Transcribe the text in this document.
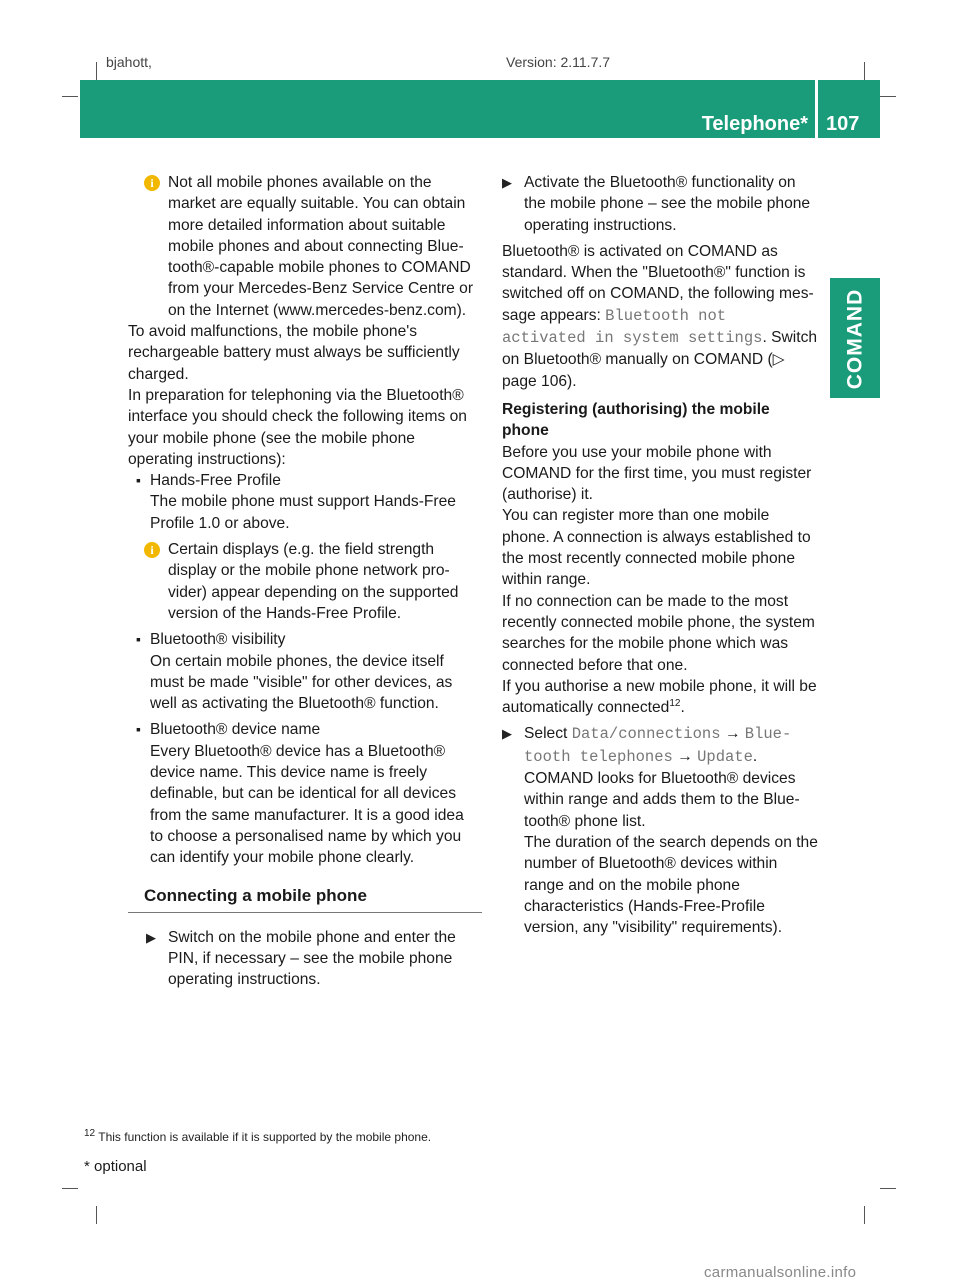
bjahott,	Version: 2.11.7.7
Telephone* 107
COMAND

i Not all mobile phones available on the market are equally suitable. You can obtain more detailed information about suitable mobile phones and about connecting Bluetooth®-capable mobile phones to COMAND from your Mercedes-Benz Service Centre or on the Internet (www.mercedes-benz.com).

To avoid malfunctions, the mobile phone's rechargeable battery must always be sufficiently charged.

In preparation for telephoning via the Bluetooth® interface you should check the following items on your mobile phone (see the mobile phone operating instructions):

▪ Hands-Free Profile

The mobile phone must support Hands-Free Profile 1.0 or above.

i Certain displays (e.g. the field strength display or the mobile phone network provider) appear depending on the supported version of the Hands-Free Profile.

▪ Bluetooth® visibility

On certain mobile phones, the device itself must be made "visible" for other devices, as well as activating the Bluetooth® function.

▪ Bluetooth® device name

Every Bluetooth® device has a Bluetooth® device name. This device name is freely definable, but can be identical for all devices from the same manufacturer. It is a good idea to choose a personalised name by which you can identify your mobile phone clearly.

Connecting a mobile phone

▶ Switch on the mobile phone and enter the PIN, if necessary – see the mobile phone operating instructions.

▶ Activate the Bluetooth® functionality on the mobile phone – see the mobile phone operating instructions.

Bluetooth® is activated on COMAND as standard. When the "Bluetooth®" function is switched off on COMAND, the following message appears: Bluetooth not activated in system settings. Switch on Bluetooth® manually on COMAND (▷ page 106).

Registering (authorising) the mobile phone

Before you use your mobile phone with COMAND for the first time, you must register (authorise) it.

You can register more than one mobile phone. A connection is always established to the most recently connected mobile phone within range.

If no connection can be made to the most recently connected mobile phone, the system searches for the mobile phone which was connected before that one.

If you authorise a new mobile phone, it will be automatically connected$^{12}$.

▶ Select Data/connections → Bluetooth telephones → Update.

COMAND looks for Bluetooth® devices within range and adds them to the Bluetooth® phone list.

The duration of the search depends on the number of Bluetooth® devices within range and on the mobile phone characteristics (Hands-Free-Profile version, any "visibility" requirements).

$^{12}$ This function is available if it is supported by the mobile phone.
* optional
carmanualsonline.info
